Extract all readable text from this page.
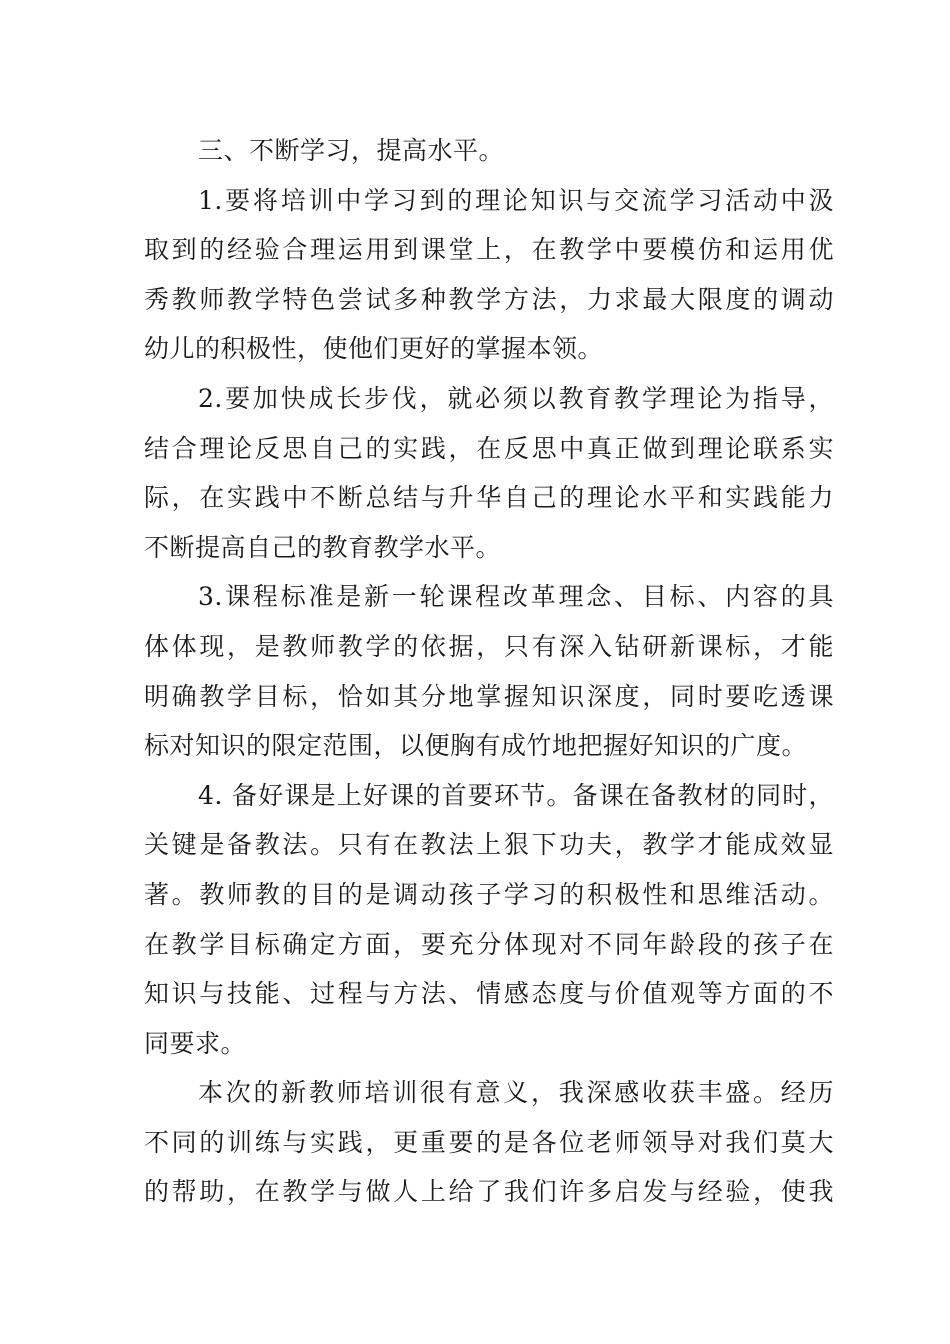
三、不断学习，提高水平。
1.要将培训中学习到的理论知识与交流学习活动中汲
取到的经验合理运用到课堂上，在教学中要模仿和运用优
秀教师教学特色尝试多种教学方法，力求最大限度的调动
幼儿的积极性，使他们更好的掌握本领。
2.要加快成长步伐，就必须以教育教学理论为指导，
结合理论反思自己的实践，在反思中真正做到理论联系实
际，在实践中不断总结与升华自己的理论水平和实践能力
不断提高自己的教育教学水平。
3.课程标准是新一轮课程改革理念、目标、内容的具
体体现，是教师教学的依据，只有深入钻研新课标，才能
明确教学目标，恰如其分地掌握知识深度，同时要吃透课
标对知识的限定范围，以便胸有成竹地把握好知识的广度。
4. 备好课是上好课的首要环节。备课在备教材的同时，
关键是备教法。只有在教法上狠下功夫，教学才能成效显
著。教师教的目的是调动孩子学习的积极性和思维活动。
在教学目标确定方面，要充分体现对不同年龄段的孩子在
知识与技能、过程与方法、情感态度与价值观等方面的不
同要求。
本次的新教师培训很有意义，我深感收获丰盛。经历
不同的训练与实践，更重要的是各位老师领导对我们莫大
的帮助，在教学与做人上给了我们许多启发与经验，使我
